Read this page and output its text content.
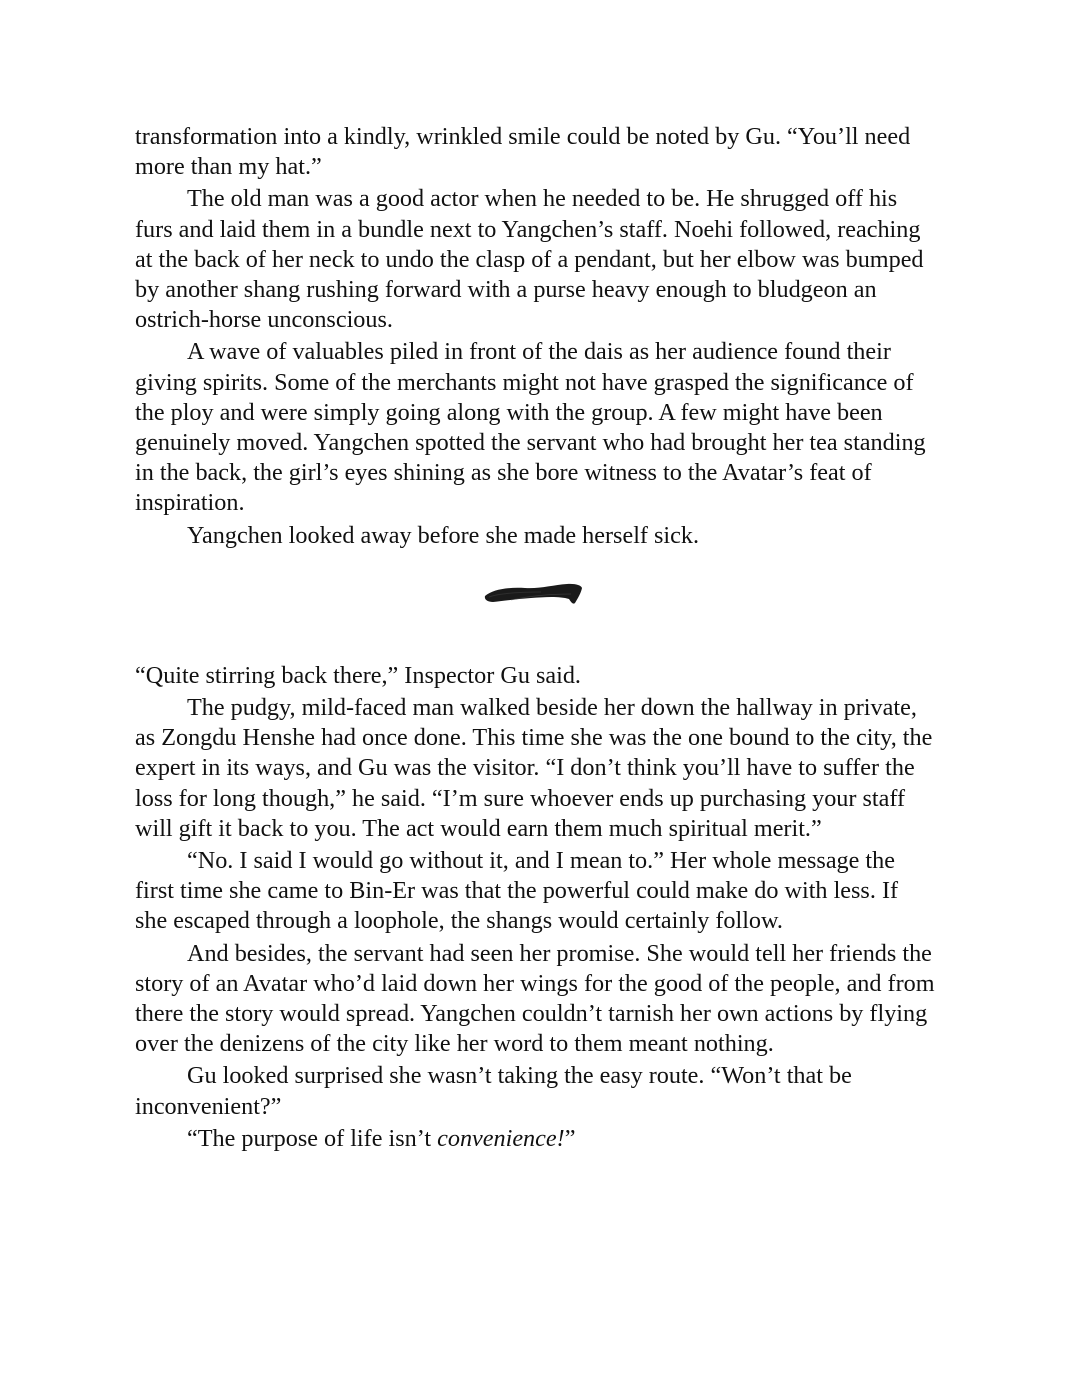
transformation into a kindly, wrinkled smile could be noted by Gu. “You’ll need more than my hat.”

The old man was a good actor when he needed to be. He shrugged off his furs and laid them in a bundle next to Yangchen’s staff. Noehi followed, reaching at the back of her neck to undo the clasp of a pendant, but her elbow was bumped by another shang rushing forward with a purse heavy enough to bludgeon an ostrich-horse unconscious.

A wave of valuables piled in front of the dais as her audience found their giving spirits. Some of the merchants might not have grasped the significance of the ploy and were simply going along with the group. A few might have been genuinely moved. Yangchen spotted the servant who had brought her tea standing in the back, the girl’s eyes shining as she bore witness to the Avatar’s feat of inspiration.

Yangchen looked away before she made herself sick.

“Quite stirring back there,” Inspector Gu said.

The pudgy, mild-faced man walked beside her down the hallway in private, as Zongdu Henshe had once done. This time she was the one bound to the city, the expert in its ways, and Gu was the visitor. “I don’t think you’ll have to suffer the loss for long though,” he said. “I’m sure whoever ends up purchasing your staff will gift it back to you. The act would earn them much spiritual merit.”

“No. I said I would go without it, and I mean to.” Her whole message the first time she came to Bin-Er was that the powerful could make do with less. If she escaped through a loophole, the shangs would certainly follow.

And besides, the servant had seen her promise. She would tell her friends the story of an Avatar who’d laid down her wings for the good of the people, and from there the story would spread. Yangchen couldn’t tarnish her own actions by flying over the denizens of the city like her word to them meant nothing.

Gu looked surprised she wasn’t taking the easy route. “Won’t that be inconvenient?”

“The purpose of life isn’t convenience!”
